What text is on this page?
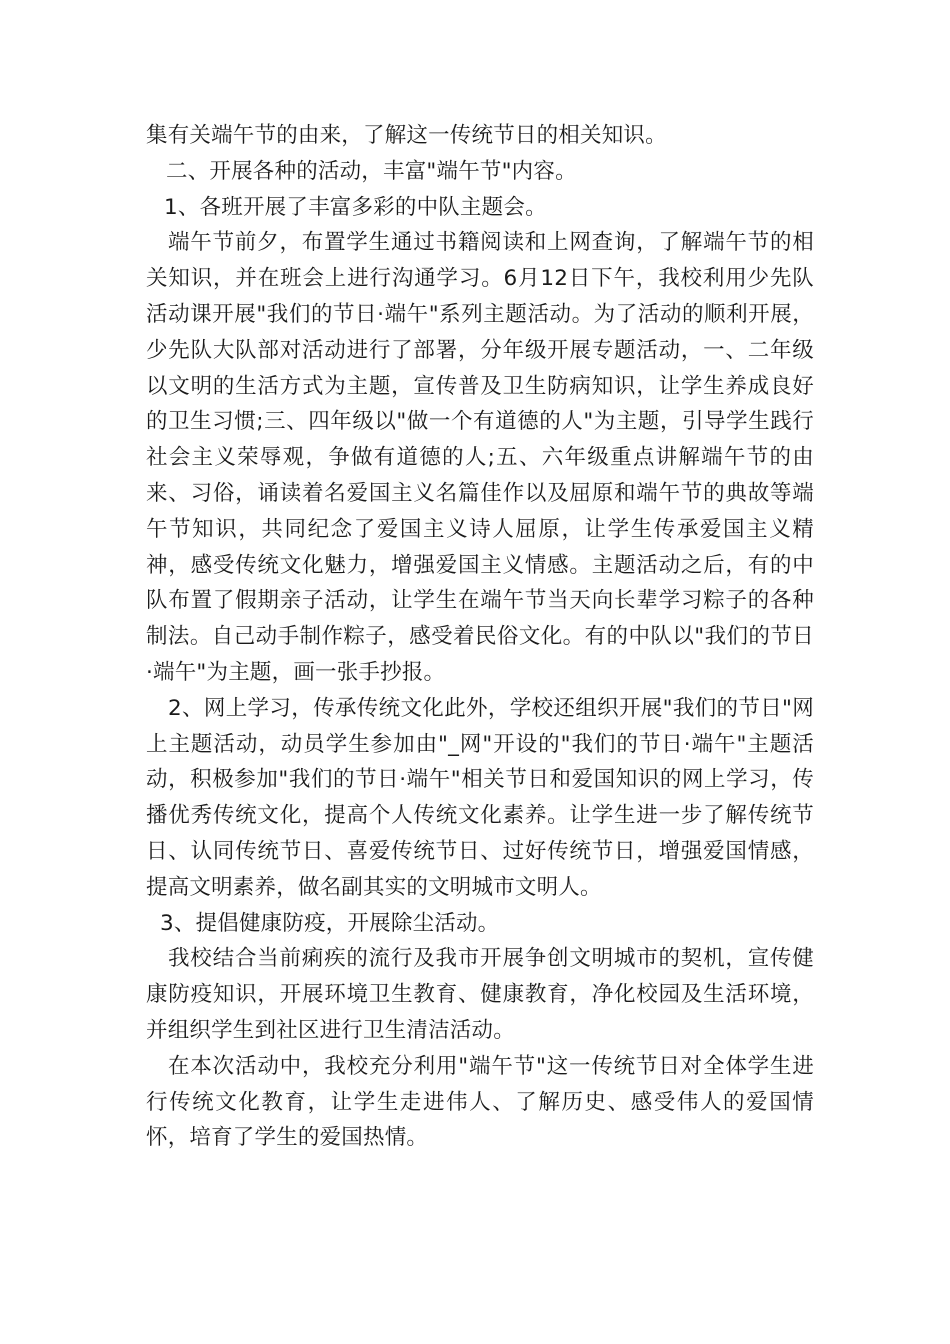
集有关端午节的由来，了解这一传统节日的相关知识。

二、开展各种的活动，丰富"端午节"内容。

1、各班开展了丰富多彩的中队主题会。

端午节前夕，布置学生通过书籍阅读和上网查询，了解端午节的相关知识，并在班会上进行沟通学习。6月12日下午，我校利用少先队活动课开展"我们的节日·端午"系列主题活动。为了活动的顺利开展，少先队大队部对活动进行了部署，分年级开展专题活动，一、二年级以文明的生活方式为主题，宣传普及卫生防病知识，让学生养成良好的卫生习惯;三、四年级以"做一个有道德的人"为主题，引导学生践行社会主义荣辱观，争做有道德的人;五、六年级重点讲解端午节的由来、习俗，诵读着名爱国主义名篇佳作以及屈原和端午节的典故等端午节知识，共同纪念了爱国主义诗人屈原，让学生传承爱国主义精神，感受传统文化魅力，增强爱国主义情感。主题活动之后，有的中队布置了假期亲子活动，让学生在端午节当天向长辈学习粽子的各种制法。自己动手制作粽子，感受着民俗文化。有的中队以"我们的节日·端午"为主题，画一张手抄报。

2、网上学习，传承传统文化此外，学校还组织开展"我们的节日"网上主题活动，动员学生参加由"_网"开设的"我们的节日·端午"主题活动，积极参加"我们的节日·端午"相关节日和爱国知识的网上学习，传播优秀传统文化，提高个人传统文化素养。让学生进一步了解传统节日、认同传统节日、喜爱传统节日、过好传统节日，增强爱国情感，提高文明素养，做名副其实的文明城市文明人。

3、提倡健康防疫，开展除尘活动。

我校结合当前痢疾的流行及我市开展争创文明城市的契机，宣传健康防疫知识，开展环境卫生教育、健康教育，净化校园及生活环境，并组织学生到社区进行卫生清洁活动。

在本次活动中，我校充分利用"端午节"这一传统节日对全体学生进行传统文化教育，让学生走进伟人、了解历史、感受伟人的爱国情怀，培育了学生的爱国热情。
